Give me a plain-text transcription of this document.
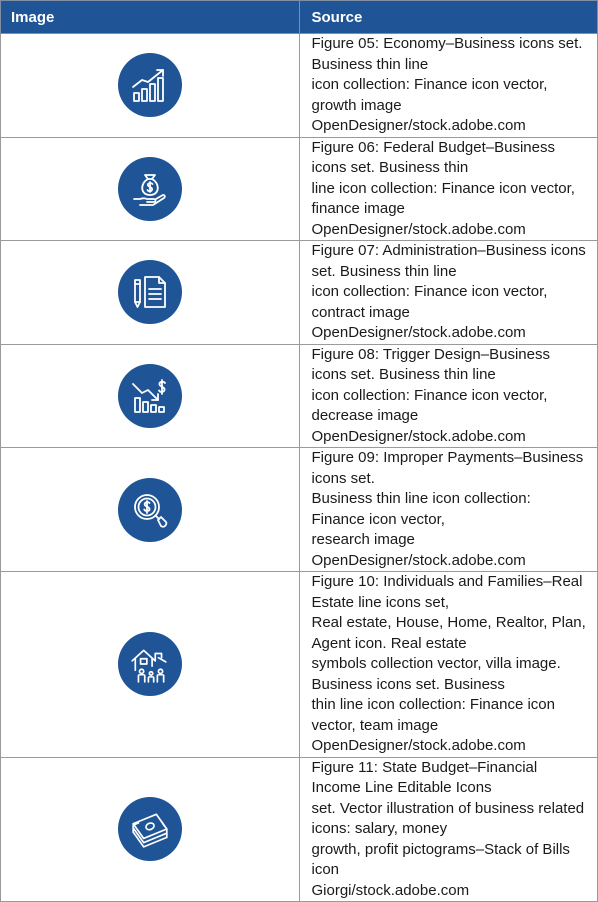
Image	Source

Figure 05: Economy–Business icons set. Business thin line
icon collection: Finance icon vector, growth image
OpenDesigner/stock.adobe.com

Figure 06: Federal Budget–Business icons set. Business thin
line icon collection: Finance icon vector, finance image
OpenDesigner/stock.adobe.com

Figure 07: Administration–Business icons set. Business thin line
icon collection: Finance icon vector, contract image
OpenDesigner/stock.adobe.com

Figure 08: Trigger Design–Business icons set. Business thin line
icon collection: Finance icon vector, decrease image
OpenDesigner/stock.adobe.com

Figure 09: Improper Payments–Business icons set.
Business thin line icon collection: Finance icon vector,
research image
OpenDesigner/stock.adobe.com

Figure 10: Individuals and Families–Real Estate line icons set,
Real estate, House, Home, Realtor, Plan, Agent icon. Real estate
symbols collection vector, villa image. Business icons set. Business
thin line icon collection: Finance icon vector, team image
OpenDesigner/stock.adobe.com

Figure 11: State Budget–Financial Income Line Editable Icons
set. Vector illustration of business related icons: salary, money
growth, profit pictograms–Stack of Bills icon
Giorgi/stock.adobe.com
